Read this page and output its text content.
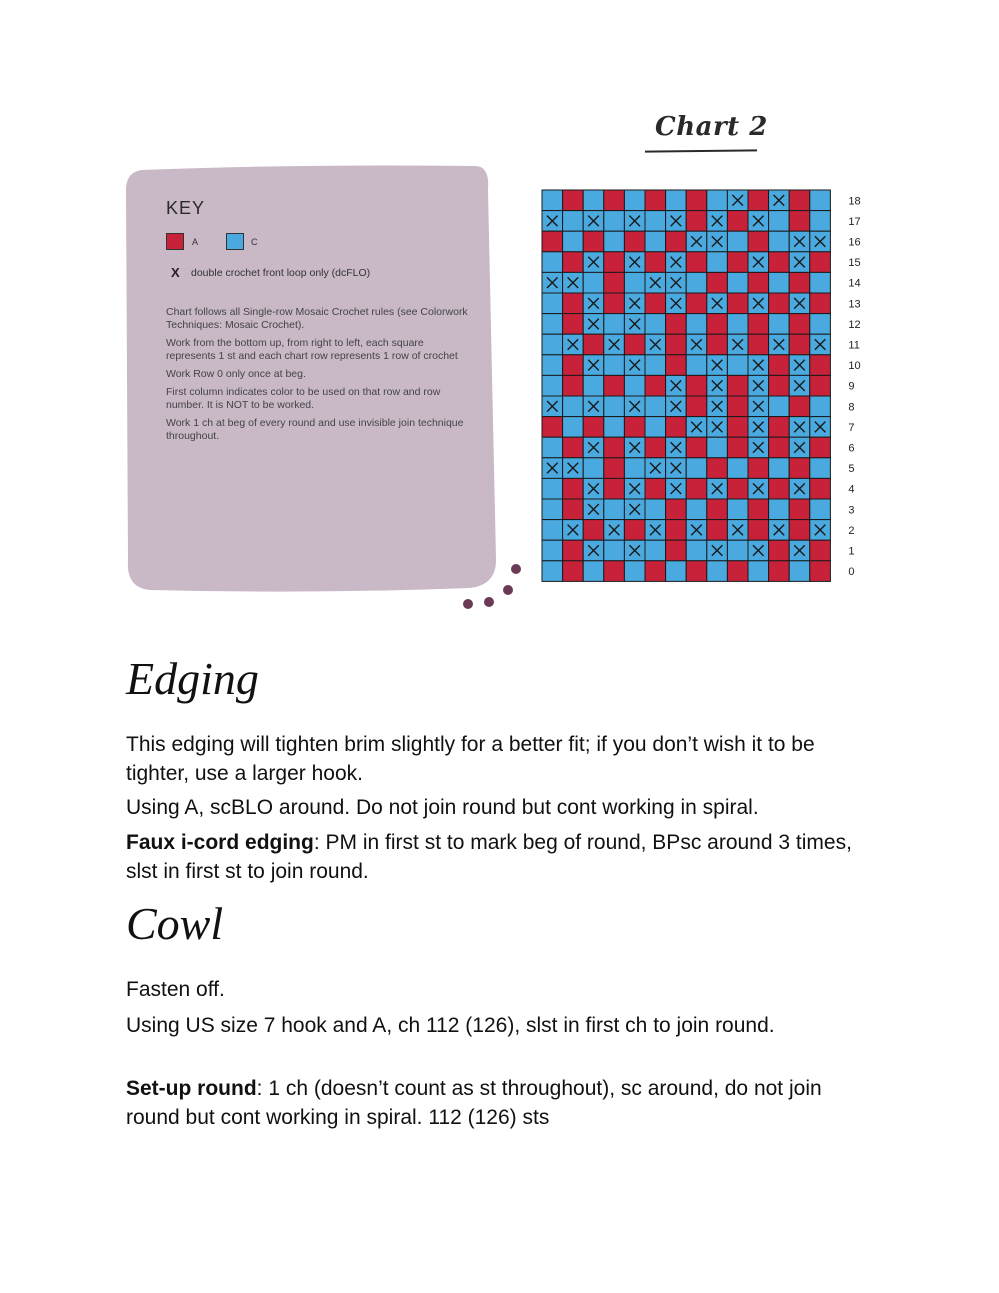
Chart 2
KEY
A	C
X double crochet front loop only (dcFLO)

Chart follows all Single-row Mosaic Crochet rules (see Colorwork Techniques: Mosaic Crochet).

Work from the bottom up, from right to left, each square represents 1 st and each chart row represents 1 row of crochet

Work Row 0 only once at beg.

First column indicates color to be used on that row and row number. It is NOT to be worked.

Work 1 ch at beg of every round and use invisible join technique throughout.

18
17
16
15
14
13
12
11
10
9
8
7
6
5
4
3
2
1
0
Edging

This edging will tighten brim slightly for a better fit; if you don’t wish it to be tighter, use a larger hook.

Using A, scBLO around. Do not join round but cont working in spiral.

Faux i-cord edging: PM in first st to mark beg of round, BPsc around 3 times, slst in first st to join round.

Cowl

Fasten off.

Using US size 7 hook and A, ch 112 (126), slst in first ch to join round.

Set-up round: 1 ch (doesn’t count as st throughout), sc around, do not join round but cont working in spiral. 112 (126) sts
